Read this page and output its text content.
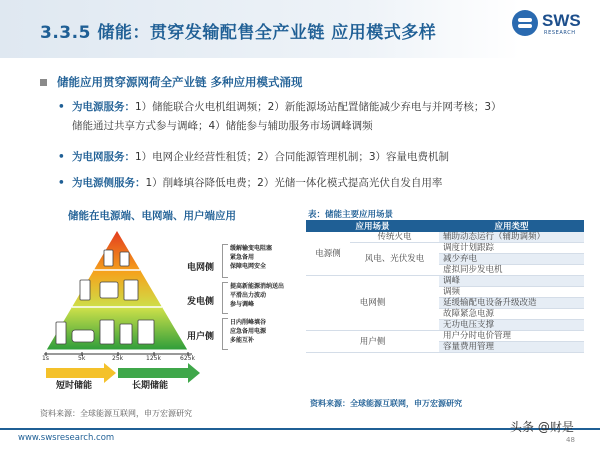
3.3.5 储能：贯穿发输配售全产业链 应用模式多样
SWS
RESEARCH
储能应用贯穿源网荷全产业链 多种应用模式涌现
• 为电源服务：1）储能联合火电机组调频；2）新能源场站配置储能减少弃电与并网考核；3）
储能通过共享方式参与调峰；4）储能参与辅助服务市场调峰调频
• 为电网服务：1）电网企业经营性租赁；2）合同能源管理机制；3）容量电费机制
• 为电源侧服务：1）削峰填谷降低电费；2）光储一体化模式提高光伏自发自用率
储能在电源端、电网端、用户端应用
1s	5k	25k	125k	625k
短时储能	长期储能
电网侧
缓解输变电阻塞
紧急备用
保障电网安全
发电侧
提高新能源消纳送出
平滑出力波动
参与调峰
用户侧
日内削峰填谷
应急备用电源
多能互补
资料来源：全球能源互联网，申万宏源研究
表：储能主要应用场景
应用场景		应用类型
电源侧	传统火电	辅助动态运行（辅助调频）
	风电、光伏发电	调度计划跟踪
		减少弃电
		虚拟同步发电机
电网侧		调峰
		调频
		延缓输配电设备升级改造
		故障紧急电源
		无功电压支撑
用户侧		用户分时电价管理
		容量费用管理
资料来源：全球能源互联网，申万宏源研究
www.swsresearch.com
头条 @财是
48
